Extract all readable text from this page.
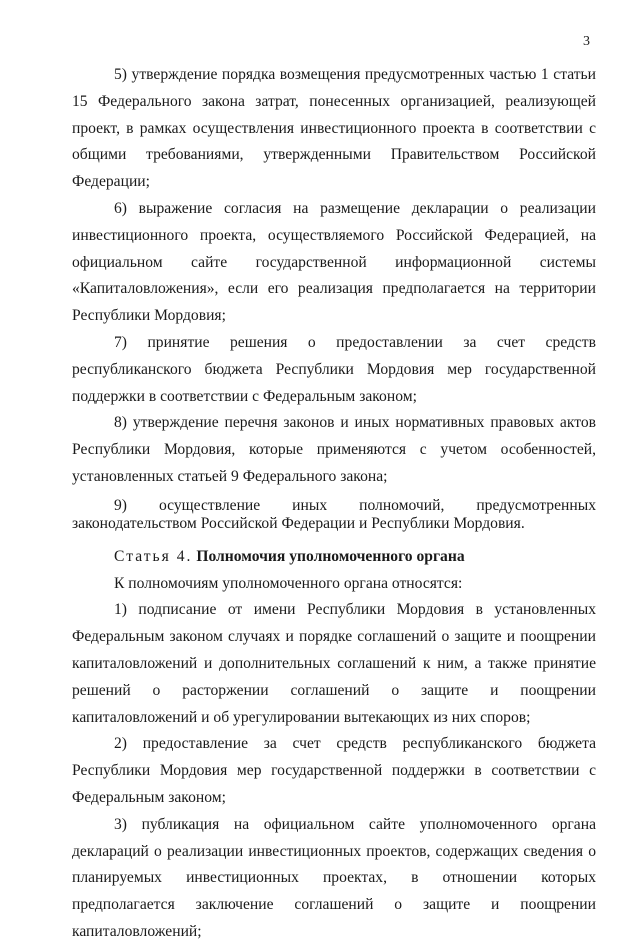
3

5) утверждение порядка возмещения предусмотренных частью 1 статьи 15 Федерального закона затрат, понесенных организацией, реализующей проект, в рамках осуществления инвестиционного проекта в соответствии с общими требованиями, утвержденными Правительством Российской Федерации;

6) выражение согласия на размещение декларации о реализации инвестиционного проекта, осуществляемого Российской Федерацией, на официальном сайте государственной информационной системы «Капиталовложения», если его реализация предполагается на территории Республики Мордовия;

7) принятие решения о предоставлении за счет средств республиканского бюджета Республики Мордовия мер государственной поддержки в соответствии с Федеральным законом;

8) утверждение перечня законов и иных нормативных правовых актов Республики Мордовия, которые применяются с учетом особенностей, установленных статьей 9 Федерального закона;

9) осуществление иных полномочий, предусмотренных законодательством Российской Федерации и Республики Мордовия.

Статья 4. Полномочия уполномоченного органа

К полномочиям уполномоченного органа относятся:

1) подписание от имени Республики Мордовия в установленных Федеральным законом случаях и порядке соглашений о защите и поощрении капиталовложений и дополнительных соглашений к ним, а также принятие решений о расторжении соглашений о защите и поощрении капиталовложений и об урегулировании вытекающих из них споров;

2) предоставление за счет средств республиканского бюджета Республики Мордовия мер государственной поддержки в соответствии с Федеральным законом;

3) публикация на официальном сайте уполномоченного органа деклараций о реализации инвестиционных проектов, содержащих сведения о планируемых инвестиционных проектах, в отношении которых предполагается заключение соглашений о защите и поощрении капиталовложений;
